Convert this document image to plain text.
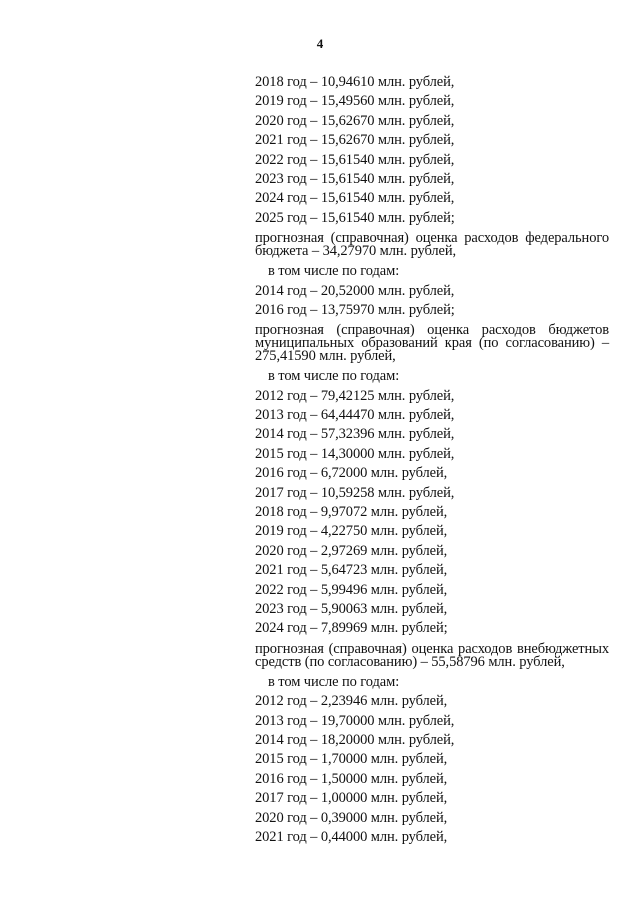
4
2018 год – 10,94610 млн. рублей,
2019 год – 15,49560 млн. рублей,
2020 год – 15,62670 млн. рублей,
2021 год – 15,62670 млн. рублей,
2022 год – 15,61540 млн. рублей,
2023 год – 15,61540 млн. рублей,
2024 год – 15,61540 млн. рублей,
2025 год – 15,61540 млн. рублей;
прогнозная (справочная) оценка расходов федерального
бюджета – 34,27970 млн. рублей,
в том числе по годам:
2014 год – 20,52000 млн. рублей,
2016 год – 13,75970 млн. рублей;
прогнозная (справочная) оценка расходов бюджетов
муниципальных образований края (по согласованию) –
275,41590 млн. рублей,
в том числе по годам:
2012 год – 79,42125 млн. рублей,
2013 год – 64,44470 млн. рублей,
2014 год – 57,32396 млн. рублей,
2015 год – 14,30000 млн. рублей,
2016 год – 6,72000 млн. рублей,
2017 год – 10,59258 млн. рублей,
2018 год – 9,97072 млн. рублей,
2019 год – 4,22750 млн. рублей,
2020 год – 2,97269 млн. рублей,
2021 год – 5,64723 млн. рублей,
2022 год – 5,99496 млн. рублей,
2023 год – 5,90063 млн. рублей,
2024 год – 7,89969 млн. рублей;
прогнозная (справочная) оценка расходов внебюджетных
средств (по согласованию) – 55,58796 млн. рублей,
в том числе по годам:
2012 год – 2,23946 млн. рублей,
2013 год – 19,70000 млн. рублей,
2014 год – 18,20000 млн. рублей,
2015 год – 1,70000 млн. рублей,
2016 год – 1,50000 млн. рублей,
2017 год – 1,00000 млн. рублей,
2020 год – 0,39000 млн. рублей,
2021 год – 0,44000 млн. рублей,
